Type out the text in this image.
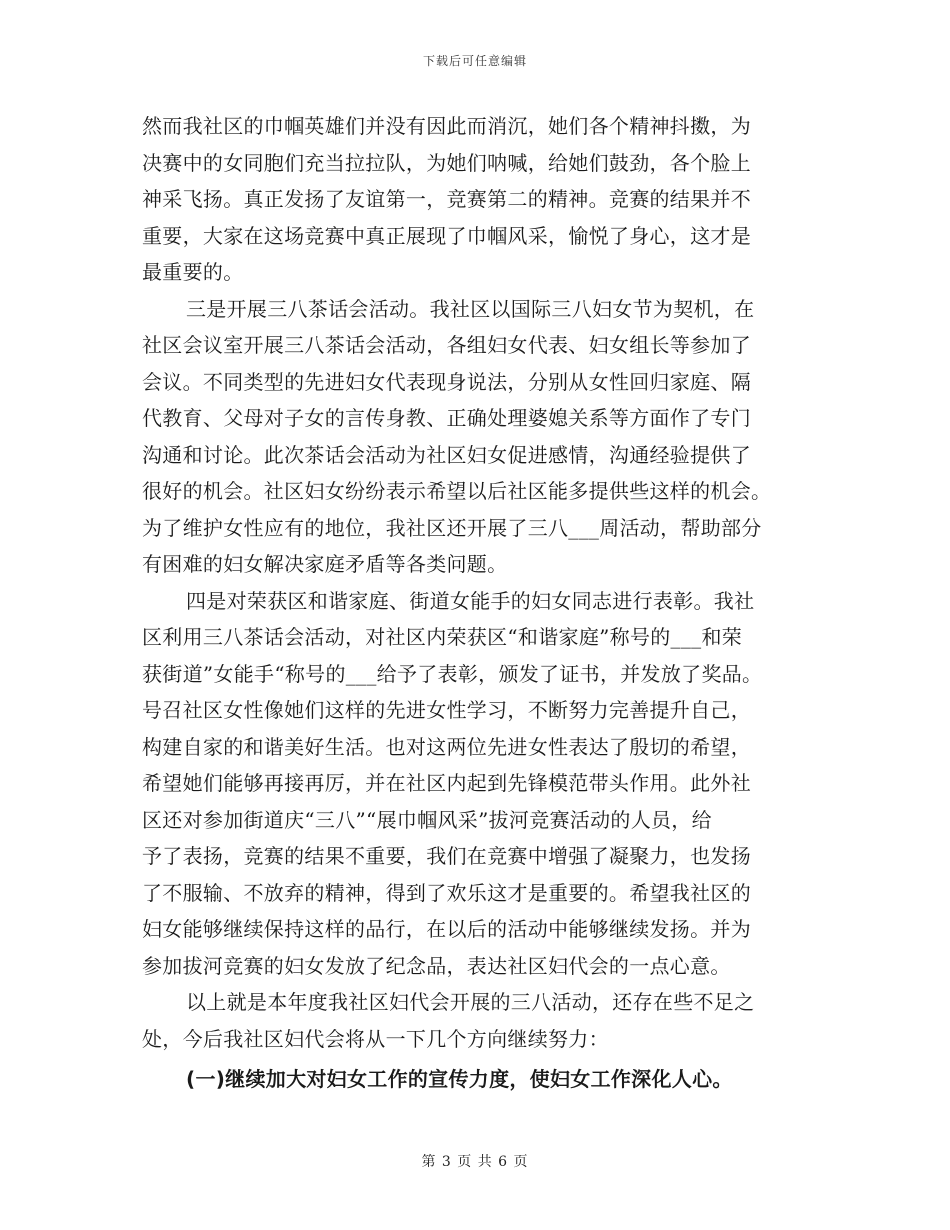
下载后可任意编辑
然而我社区的巾帼英雄们并没有因此而消沉，她们各个精神抖擞，为
决赛中的女同胞们充当拉拉队，为她们呐喊，给她们鼓劲，各个脸上
神采飞扬。真正发扬了友谊第一，竞赛第二的精神。竞赛的结果并不
重要，大家在这场竞赛中真正展现了巾帼风采，愉悦了身心，这才是
最重要的。
三是开展三八茶话会活动。我社区以国际三八妇女节为契机，在
社区会议室开展三八茶话会活动，各组妇女代表、妇女组长等参加了
会议。不同类型的先进妇女代表现身说法，分别从女性回归家庭、隔
代教育、父母对子女的言传身教、正确处理婆媳关系等方面作了专门
沟通和讨论。此次茶话会活动为社区妇女促进感情，沟通经验提供了
很好的机会。社区妇女纷纷表示希望以后社区能多提供些这样的机会。
为了维护女性应有的地位，我社区还开展了三八___周活动，帮助部分
有困难的妇女解决家庭矛盾等各类问题。
四是对荣获区和谐家庭、街道女能手的妇女同志进行表彰。我社
区利用三八茶话会活动，对社区内荣获区“和谐家庭”称号的___和荣
获街道”女能手“称号的___给予了表彰，颁发了证书，并发放了奖品。
号召社区女性像她们这样的先进女性学习，不断努力完善提升自己，
构建自家的和谐美好生活。也对这两位先进女性表达了殷切的希望，
希望她们能够再接再厉，并在社区内起到先锋模范带头作用。此外社
区还对参加街道庆“三八”“展巾帼风采”拔河竞赛活动的人员，给
予了表扬，竞赛的结果不重要，我们在竞赛中增强了凝聚力，也发扬
了不服输、不放弃的精神，得到了欢乐这才是重要的。希望我社区的
妇女能够继续保持这样的品行，在以后的活动中能够继续发扬。并为
参加拔河竞赛的妇女发放了纪念品，表达社区妇代会的一点心意。
以上就是本年度我社区妇代会开展的三八活动，还存在些不足之
处，今后我社区妇代会将从一下几个方向继续努力：
(一)继续加大对妇女工作的宣传力度，使妇女工作深化人心。
第 3 页 共 6 页
